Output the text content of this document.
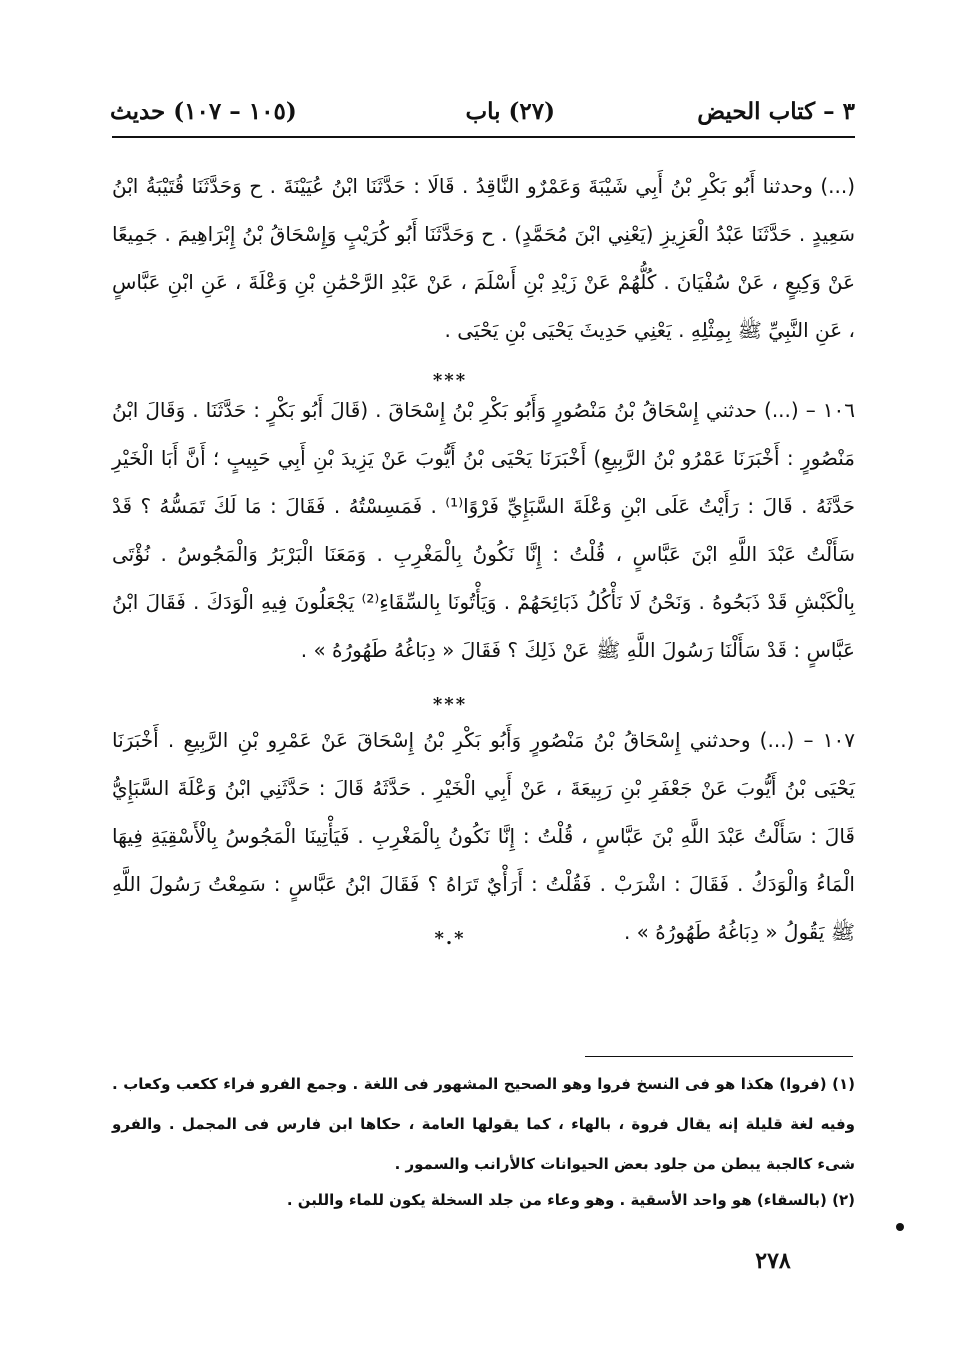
٣ – كتاب الحيض
(٢٧) باب
(١٠٥ – ١٠٧) حديث
(...) وحدثنا أَبُو بَكْرِ بْنُ أَبِي شَيْبَةَ وَعَمْرٌو النَّاقِدُ . قَالَا : حَدَّثَنَا ابْنُ عُيَيْنَةَ . ح وَحَدَّثَنَا قُتَيْبَةُ ابْنُ سَعِيدٍ . حَدَّثَنَا عَبْدُ الْعَزِيزِ (يَعْنِي ابْنَ مُحَمَّدٍ) . ح وَحَدَّثَنَا أَبُو كُرَيْبٍ وَإِسْحَاقُ بْنُ إِبْرَاهِيمَ . جَمِيعًا عَنْ وَكِيعٍ ، عَنْ سُفْيَانَ . كُلُّهُمْ عَنْ زَيْدِ بْنِ أَسْلَمَ ، عَنْ عَبْدِ الرَّحْمَٰنِ بْنِ وَعْلَةَ ، عَنِ ابْنِ عَبَّاسٍ ، عَنِ النَّبِيِّ ﷺ بِمِثْلِهِ . يَعْنِي حَدِيثَ يَحْيَى بْنِ يَحْيَى .
***
١٠٦ – (...) حدثني إِسْحَاقُ بْنُ مَنْصُورٍ وَأَبُو بَكْرِ بْنُ إِسْحَاقَ . (قَالَ أَبُو بَكْرٍ : حَدَّثَنَا . وَقَالَ ابْنُ مَنْصُورٍ : أَخْبَرَنَا عَمْرُو بْنُ الرَّبِيعِ) أَخْبَرَنَا يَحْيَى بْنُ أَيُّوبَ عَنْ يَزِيدَ بْنِ أَبِي حَبِيبٍ ؛ أَنَّ أَبَا الْخَيْرِ حَدَّثَهُ . قَالَ : رَأَيْتُ عَلَى ابْنِ وَعْلَةَ السَّبَإِيِّ فَرْوًا⁽¹⁾ . فَمَسِسْتُهُ . فَقَالَ : مَا لَكَ تَمَسُّهُ ؟ قَدْ سَأَلْتُ عَبْدَ اللَّهِ ابْنَ عَبَّاسٍ ، قُلْتُ : إِنَّا نَكُونُ بِالْمَغْرِبِ . وَمَعَنَا الْبَرْبَرُ وَالْمَجُوسُ . نُؤْتَى بِالْكَبْشِ قَدْ ذَبَحُوهُ . وَنَحْنُ لَا نَأْكُلُ ذَبَائِحَهُمْ . وَيَأْتُونَا بِالسِّقَاءِ⁽²⁾ يَجْعَلُونَ فِيهِ الْوَدَكَ . فَقَالَ ابْنُ عَبَّاسٍ : قَدْ سَأَلْنَا رَسُولَ اللَّهِ ﷺ عَنْ ذَلِكَ ؟ فَقَالَ « دِبَاغُهُ طَهُورُهُ » .
***
١٠٧ – (...) وحدثني إِسْحَاقُ بْنُ مَنْصُورٍ وَأَبُو بَكْرِ بْنُ إِسْحَاقَ عَنْ عَمْرِو بْنِ الرَّبِيعِ . أَخْبَرَنَا يَحْيَى بْنُ أَيُّوبَ عَنْ جَعْفَرِ بْنِ رَبِيعَةَ ، عَنْ أَبِي الْخَيْرِ . حَدَّثَهُ قَالَ : حَدَّثَنِي ابْنُ وَعْلَةَ السَّبَإِيُّ قَالَ : سَأَلْتُ عَبْدَ اللَّهِ بْنَ عَبَّاسٍ ، قُلْتُ : إِنَّا نَكُونُ بِالْمَغْرِبِ . فَيَأْتِينَا الْمَجُوسُ بِالْأَسْقِيَةِ فِيهَا الْمَاءُ وَالْوَدَكُ . فَقَالَ : اشْرَبْ . فَقُلْتُ : أَرَأْيٌ تَرَاهُ ؟ فَقَالَ ابْنُ عَبَّاسٍ : سَمِعْتُ رَسُولَ اللَّهِ ﷺ يَقُولُ « دِبَاغُهُ طَهُورُهُ » .
*.*
(١) (فروا) هكذا هو فى النسخ فروا وهو الصحيح المشهور فى اللغة . وجمع الفرو فراء ككعب وكعاب . وفيه لغة قليلة إنه يقال فروة ، بالهاء ، كما يقولها العامة ، حكاها ابن فارس فى المجمل . والفرو شىء كالجبة يبطن من جلود بعض الحيوانات كالأرانب والسمور .
(٢) (بالسقاء) هو واحد الأسقية . وهو وعاء من جلد السخلة يكون للماء واللبن .
٢٧٨
